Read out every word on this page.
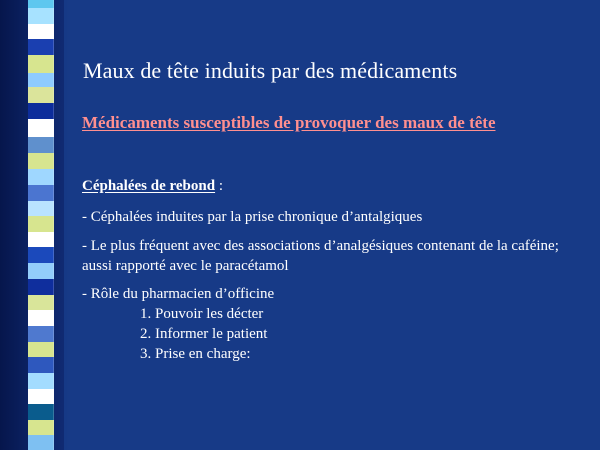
Maux de tête induits par des médicaments
Médicaments susceptibles de provoquer des maux de tête

Céphalées de rebond :

- Céphalées induites par la prise chronique d’antalgiques

- Le plus fréquent avec des associations d’analgésiques contenant de la caféine; aussi rapporté avec le paracétamol

- Rôle du pharmacien d’officine

1. Pouvoir les décter

2. Informer le patient

3. Prise en charge:
